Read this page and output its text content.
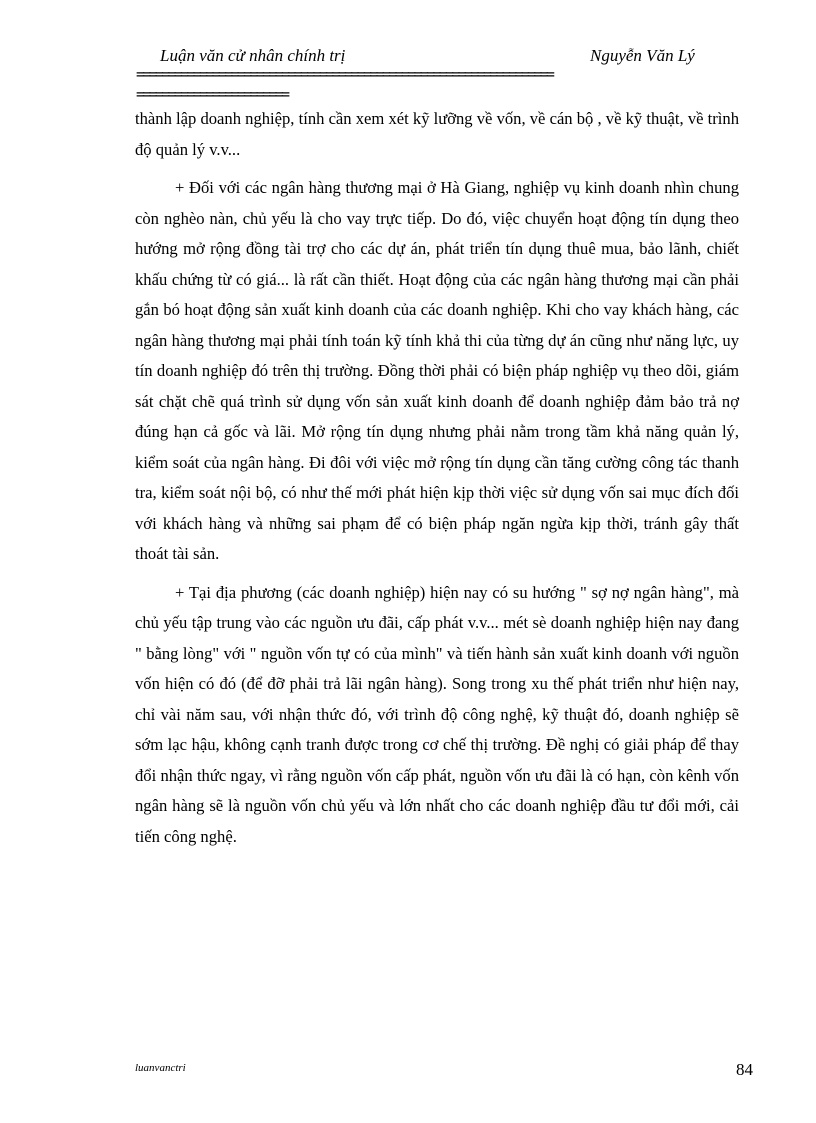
Luận văn cử nhân chính trị	Nguyễn Văn Lý
==================================================================
========================

thành lập doanh nghiệp, tính cần xem xét kỹ lưỡng về vốn, về cán bộ , về kỹ thuật, về trình độ quản lý v.v...

+ Đối với các ngân hàng thương mại ở Hà Giang, nghiệp vụ kinh doanh nhìn chung còn nghèo nàn, chủ yếu là cho vay trực tiếp. Do đó, việc chuyển hoạt động tín dụng theo hướng mở rộng đồng tài trợ cho các dự án, phát triển tín dụng thuê mua, bảo lãnh, chiết khấu chứng từ có giá... là rất cần thiết. Hoạt động của các ngân hàng thương mại cần phải gắn bó hoạt động sản xuất kinh doanh của các doanh nghiệp. Khi cho vay khách hàng, các ngân hàng thương mại phải tính toán kỹ tính khả thi của từng dự án cũng như năng lực, uy tín doanh nghiệp đó trên thị trường. Đồng thời phải có biện pháp nghiệp vụ theo dõi, giám sát chặt chẽ quá trình sử dụng vốn sản xuất kinh doanh để doanh nghiệp đảm bảo trả nợ đúng hạn cả gốc và lãi. Mở rộng tín dụng nhưng phải nằm trong tầm khả năng quản lý, kiểm soát của ngân hàng. Đi đôi với việc mở rộng tín dụng cần tăng cường công tác thanh tra, kiểm soát nội bộ, có như thế mới phát hiện kịp thời việc sử dụng vốn sai mục đích đối với khách hàng và những sai phạm để có biện pháp ngăn ngừa kịp thời, tránh gây thất thoát tài sản.

+ Tại địa phương (các doanh nghiệp) hiện nay có su hướng " sợ nợ ngân hàng", mà chủ yếu tập trung vào các nguồn ưu đãi, cấp phát v.v... mét sè doanh nghiệp hiện nay đang " bằng lòng" với " nguồn vốn tự có của mình" và tiến hành sản xuất kinh doanh với nguồn vốn hiện có đó (để đỡ phải trả lãi ngân hàng). Song trong xu thế phát triển như hiện nay, chỉ vài năm sau, với nhận thức đó, với trình độ công nghệ, kỹ thuật đó, doanh nghiệp sẽ sớm lạc hậu, không cạnh tranh được trong cơ chế thị trường. Đề nghị có giải pháp để thay đổi nhận thức ngay, vì rằng nguồn vốn cấp phát, nguồn vốn ưu đãi là có hạn, còn kênh vốn ngân hàng sẽ là nguồn vốn chủ yếu và lớn nhất cho các doanh nghiệp đầu tư đổi mới, cải tiến công nghệ.

luanvanctri	84
